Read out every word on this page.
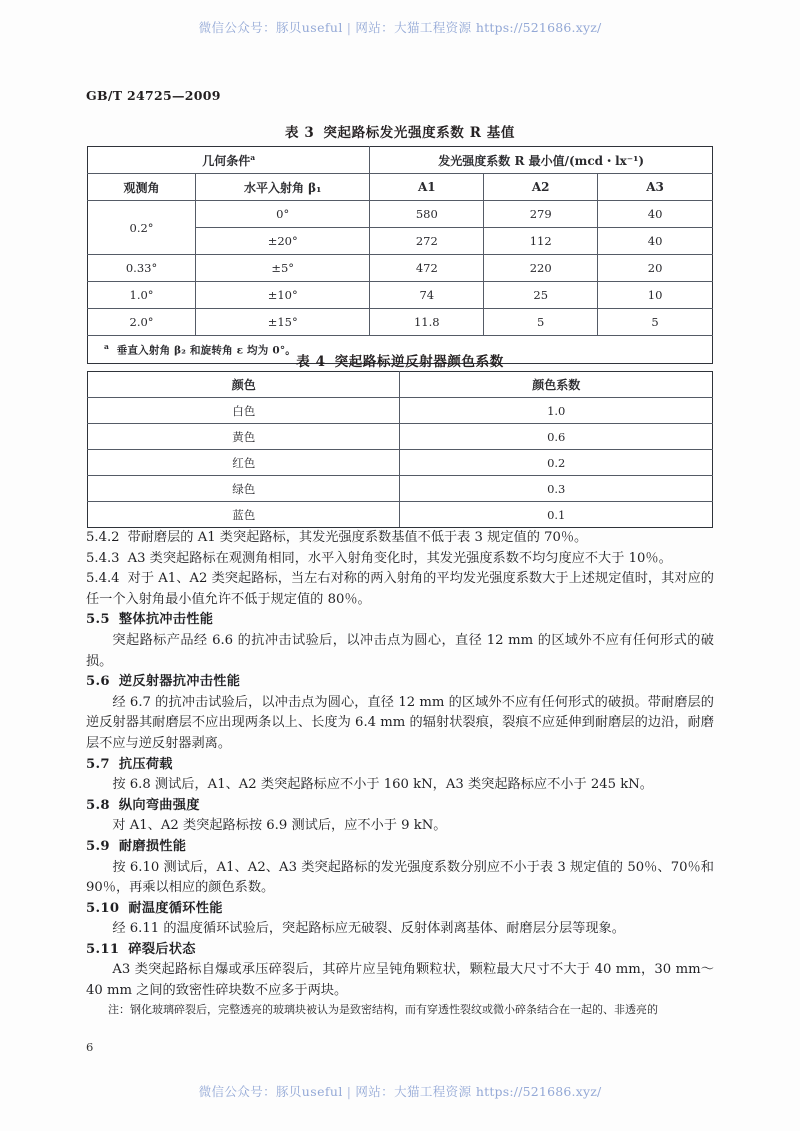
微信公众号：豚贝useful | 网站：大猫工程资源 https://521686.xyz/
GB/T 24725—2009
表 3 突起路标发光强度系数 R 基值
几何条件$^a$		发光强度系数 R 最小值/(mcd・lx⁻¹)		
观测角	水平入射角 β₁	A1	A2	A3
0.2°	0°	580	279	40
	±20°	272	112	40
0.33°	±5°	472	220	20
1.0°	±10°	74	25	10
2.0°	±15°	11.8	5	5
$^a$ 垂直入射角 β₂ 和旋转角 ε 均为 0°。				
表 4 突起路标逆反射器颜色系数
颜色	颜色系数
白色	1.0
黄色	0.6
红色	0.2
绿色	0.3
蓝色	0.1
5.4.2 带耐磨层的 A1 类突起路标，其发光强度系数基值不低于表 3 规定值的 70％。
5.4.3 A3 类突起路标在观测角相同，水平入射角变化时，其发光强度系数不均匀度应不大于 10％。
5.4.4 对于 A1、A2 类突起路标，当左右对称的两入射角的平均发光强度系数大于上述规定值时，其对应的任一个入射角最小值允许不低于规定值的 80％。
5.5 整体抗冲击性能
突起路标产品经 6.6 的抗冲击试验后，以冲击点为圆心，直径 12 mm 的区域外不应有任何形式的破损。
5.6 逆反射器抗冲击性能
经 6.7 的抗冲击试验后，以冲击点为圆心，直径 12 mm 的区域外不应有任何形式的破损。带耐磨层的逆反射器其耐磨层不应出现两条以上、长度为 6.4 mm 的辐射状裂痕，裂痕不应延伸到耐磨层的边沿，耐磨层不应与逆反射器剥离。
5.7 抗压荷载
按 6.8 测试后，A1、A2 类突起路标应不小于 160 kN，A3 类突起路标应不小于 245 kN。
5.8 纵向弯曲强度
对 A1、A2 类突起路标按 6.9 测试后，应不小于 9 kN。
5.9 耐磨损性能
按 6.10 测试后，A1、A2、A3 类突起路标的发光强度系数分别应不小于表 3 规定值的 50％、70％和 90％，再乘以相应的颜色系数。
5.10 耐温度循环性能
经 6.11 的温度循环试验后，突起路标应无破裂、反射体剥离基体、耐磨层分层等现象。
5.11 碎裂后状态
A3 类突起路标自爆或承压碎裂后，其碎片应呈钝角颗粒状，颗粒最大尺寸不大于 40 mm，30 mm～40 mm 之间的致密性碎块数不应多于两块。
注：钢化玻璃碎裂后，完整透亮的玻璃块被认为是致密结构，而有穿透性裂纹或微小碎条结合在一起的、非透亮的
6
微信公众号：豚贝useful | 网站：大猫工程资源 https://521686.xyz/
